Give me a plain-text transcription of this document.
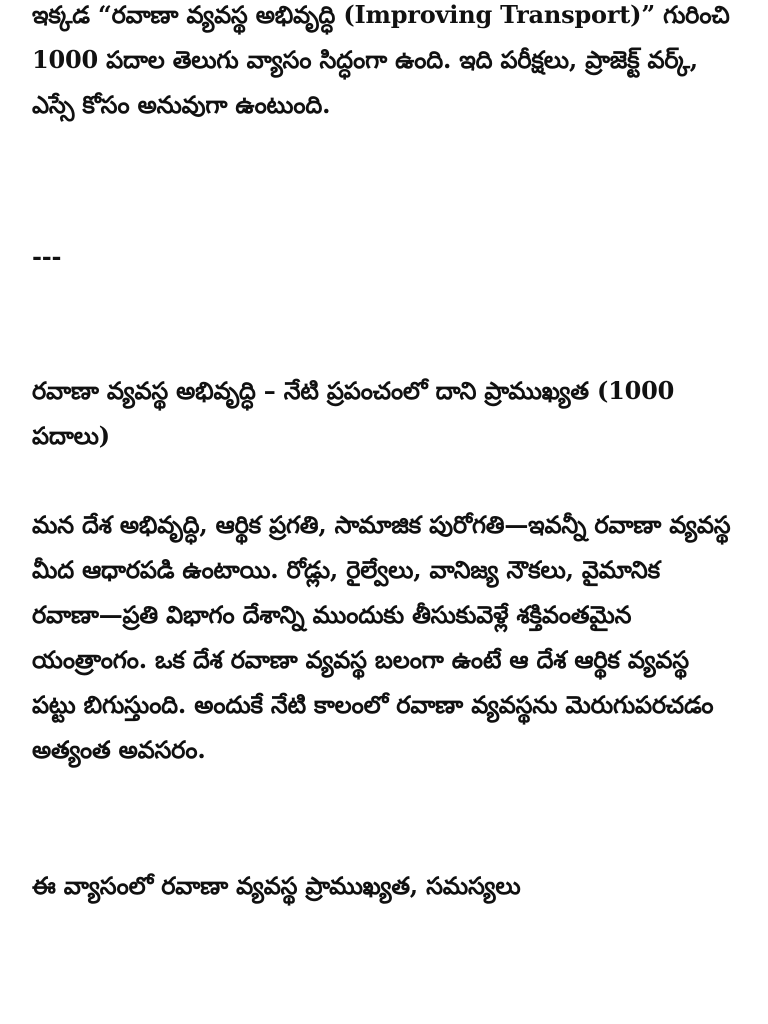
ఇక్కడ “రవాణా వ్యవస్థ అభివృద్ధి (Improving Transport)” గురించి 1000 పదాల తెలుగు వ్యాసం సిద్ధంగా ఉంది. ఇది పరీక్షలు, ప్రాజెక్ట్ వర్క్, ఎస్సే కోసం అనువుగా ఉంటుంది.

---

రవాణా వ్యవస్థ అభివృద్ధి – నేటి ప్రపంచంలో దాని ప్రాముఖ్యత (1000 పదాలు)

మన దేశ అభివృద్ధి, ఆర్థిక ప్రగతి, సామాజిక పురోగతి—ఇవన్నీ రవాణా వ్యవస్థ మీద ఆధారపడి ఉంటాయి. రోడ్లు, రైల్వేలు, వానిజ్య నౌకలు, వైమానిక రవాణా—ప్రతి విభాగం దేశాన్ని ముందుకు తీసుకువెళ్లే శక్తివంతమైన యంత్రాంగం. ఒక దేశ రవాణా వ్యవస్థ బలంగా ఉంటే ఆ దేశ ఆర్థిక వ్యవస్థ పట్టు బిగుస్తుంది. అందుకే నేటి కాలంలో రవాణా వ్యవస్థను మెరుగుపరచడం అత్యంత అవసరం.

ఈ వ్యాసంలో రవాణా వ్యవస్థ ప్రాముఖ్యత, సమస్యలు
